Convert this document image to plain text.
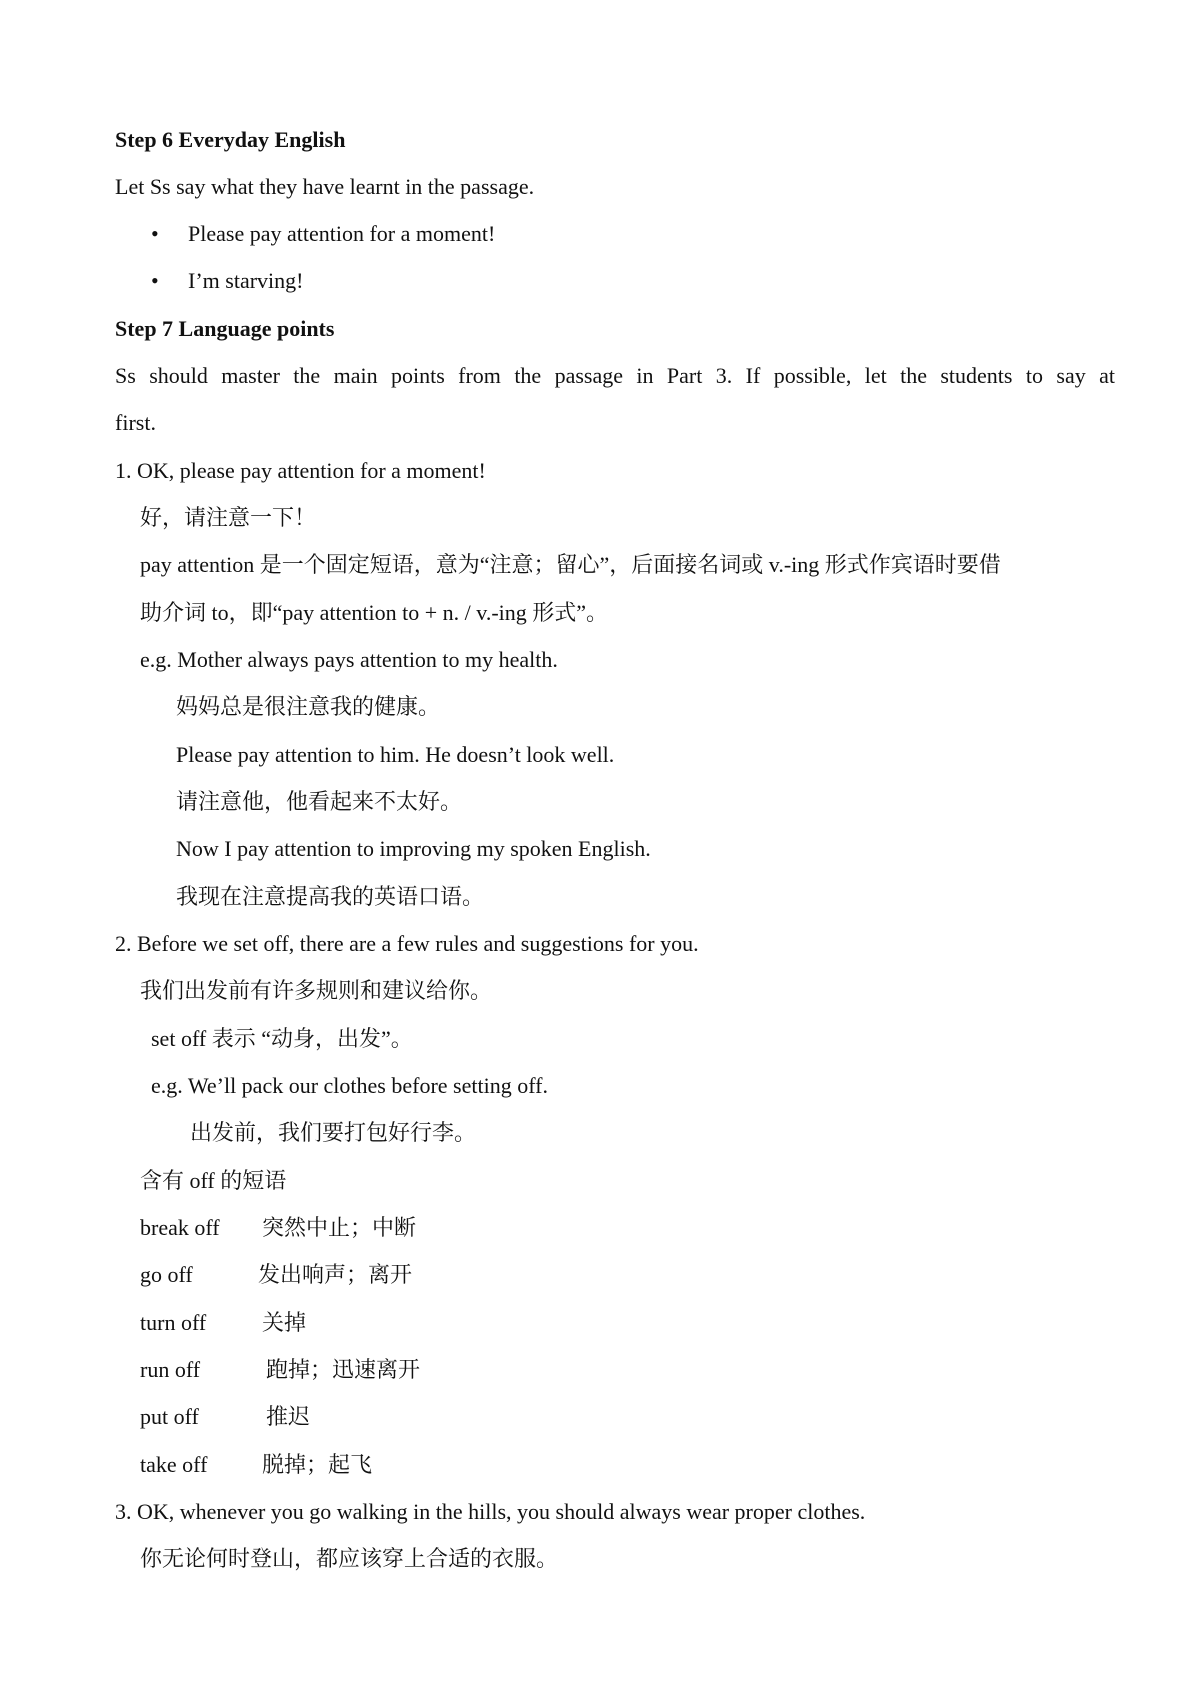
Step 6 Everyday English
Let Ss say what they have learnt in the passage.
• Please pay attention for a moment!
• I’m starving!
Step 7 Language points
Ss should master the main points from the passage in Part 3. If possible, let the students to say at
first.
1. OK, please pay attention for a moment!
好，请注意一下！
pay attention 是一个固定短语，意为“注意；留心”，后面接名词或 v.-ing 形式作宾语时要借
助介词 to，即“pay attention to + n. / v.-ing 形式”。
e.g. Mother always pays attention to my health.
妈妈总是很注意我的健康。
Please pay attention to him. He doesn’t look well.
请注意他，他看起来不太好。
Now I pay attention to improving my spoken English.
我现在注意提高我的英语口语。
2. Before we set off, there are a few rules and suggestions for you.
我们出发前有许多规则和建议给你。
set off 表示 “动身，出发”。
e.g. We’ll pack our clothes before setting off.
出发前，我们要打包好行李。
含有 off 的短语
break off 突然中止；中断
go off	发出响声；离开
turn off	关掉
run off	跑掉；迅速离开
put off	推迟
take off 脱掉；起飞
3. OK, whenever you go walking in the hills, you should always wear proper clothes.
你无论何时登山，都应该穿上合适的衣服。
